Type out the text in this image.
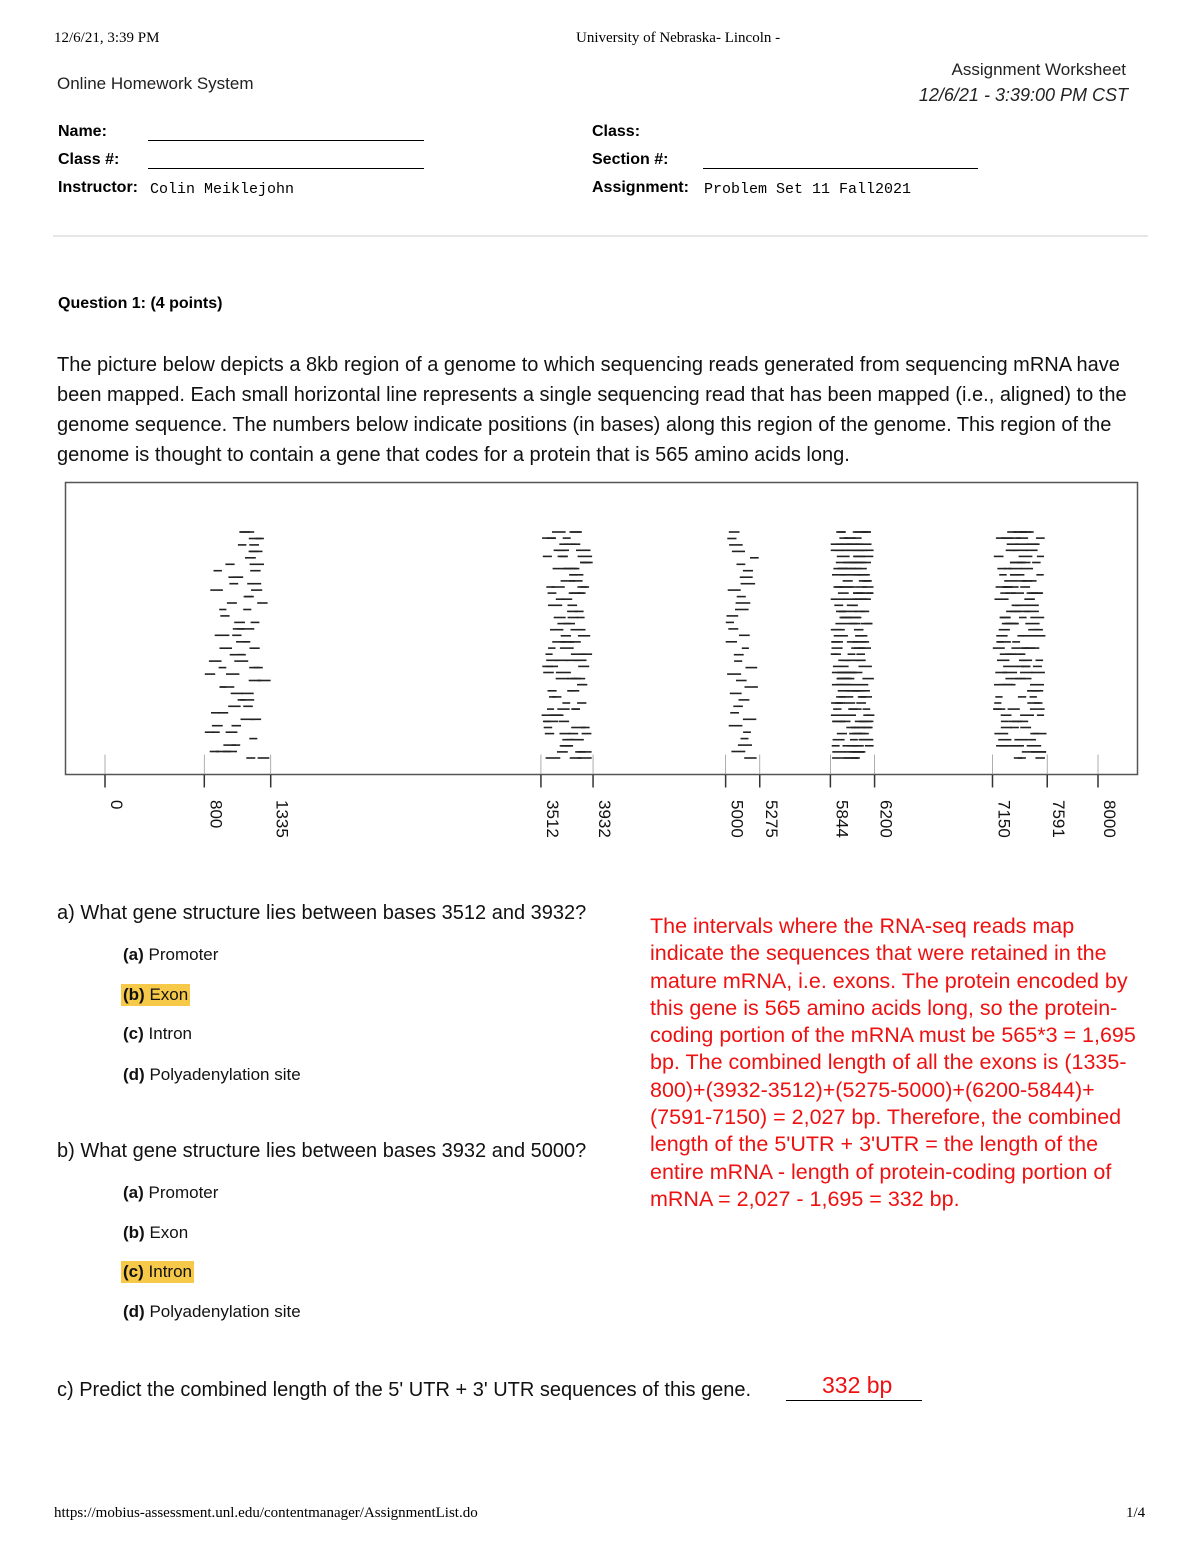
12/6/21, 3:39 PM	University of Nebraska- Lincoln -
Online Homework System
Assignment Worksheet
12/6/21 - 3:39:00 PM CST
Name:
Class #:
Instructor: Colin Meiklejohn
Class:
Section #:
Assignment: Problem Set 11 Fall2021
Question 1: (4 points)
The picture below depicts a 8kb region of a genome to which sequencing reads generated from sequencing mRNA have been mapped. Each small horizontal line represents a single sequencing read that has been mapped (i.e., aligned) to the genome sequence. The numbers below indicate positions (in bases) along this region of the genome. This region of the genome is thought to contain a gene that codes for a protein that is 565 amino acids long.
0	800	1335	3512 3932	5000 5275	5844 6200	7150 7591 8000
a) What gene structure lies between bases 3512 and 3932?
(a) Promoter
(b) Exon
(c) Intron
(d) Polyadenylation site
b) What gene structure lies between bases 3932 and 5000?
(a) Promoter
(b) Exon
(c) Intron
(d) Polyadenylation site
The intervals where the RNA-seq reads map indicate the sequences that were retained in the mature mRNA, i.e. exons. The protein encoded by this gene is 565 amino acids long, so the protein-coding portion of the mRNA must be 565*3 = 1,695 bp. The combined length of all the exons is (1335-800)+(3932-3512)+(5275-5000)+(6200-5844)+(7591-7150) = 2,027 bp. Therefore, the combined length of the 5'UTR + 3'UTR = the length of the entire mRNA - length of protein-coding portion of mRNA = 2,027 - 1,695 = 332 bp.
c) Predict the combined length of the 5' UTR + 3' UTR sequences of this gene.	332 bp
https://mobius-assessment.unl.edu/contentmanager/AssignmentList.do	1/4
